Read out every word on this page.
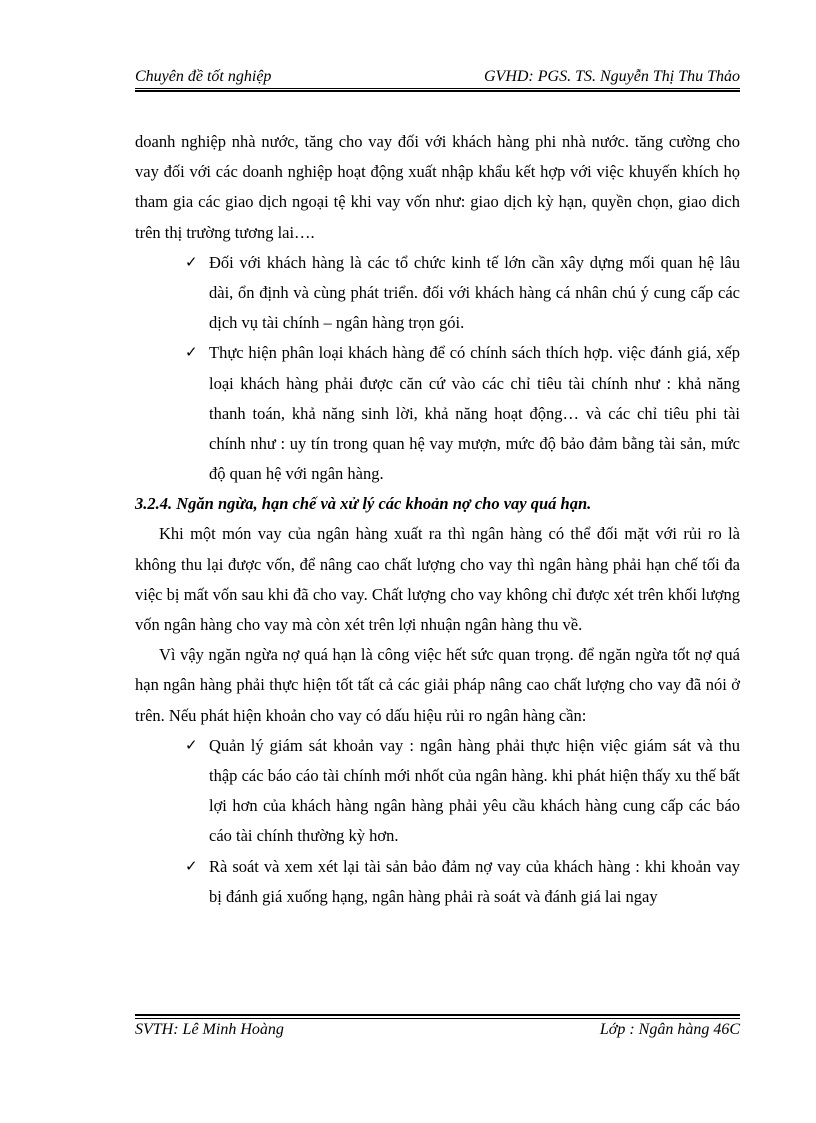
Chuyên đề tốt nghiệp	GVHD: PGS. TS. Nguyễn Thị Thu Thảo

doanh nghiệp nhà nước, tăng cho vay đối với khách hàng phi nhà nước. tăng cường cho vay đối với các doanh nghiệp hoạt động xuất nhập khẩu kết hợp với việc khuyến khích họ tham gia các giao dịch ngoại tệ khi vay vốn như: giao dịch kỳ hạn, quyền chọn, giao dich trên thị trường tương lai….

✓ Đối với khách hàng là các tổ chức kinh tế lớn cần xây dựng mối quan hệ lâu dài, ổn định và cùng phát triển. đối với khách hàng cá nhân chú ý cung cấp các dịch vụ tài chính – ngân hàng trọn gói.

✓ Thực hiện phân loại khách hàng để có chính sách thích hợp. việc đánh giá, xếp loại khách hàng phải được căn cứ vào các chỉ tiêu tài chính như : khả năng thanh toán, khả năng sinh lời, khả năng hoạt động… và các chỉ tiêu phi tài chính như : uy tín trong quan hệ vay mượn, mức độ bảo đảm bằng tài sản, mức độ quan hệ với ngân hàng.

3.2.4. Ngăn ngừa, hạn chế và xử lý các khoản nợ cho vay quá hạn.

Khi một món vay của ngân hàng xuất ra thì ngân hàng có thể đối mặt với rủi ro là không thu lại được vốn, để nâng cao chất lượng cho vay thì ngân hàng phải hạn chế tối đa việc bị mất vốn sau khi đã cho vay. Chất lượng cho vay không chỉ được xét trên khối lượng vốn ngân hàng cho vay mà còn xét trên lợi nhuận ngân hàng thu về.

Vì vậy ngăn ngừa nợ quá hạn là công việc hết sức quan trọng. để ngăn ngừa tốt nợ quá hạn ngân hàng phải thực hiện tốt tất cả các giải pháp nâng cao chất lượng cho vay đã nói ở trên. Nếu phát hiện khoản cho vay có dấu hiệu rủi ro ngân hàng cần:

✓ Quản lý giám sát khoản vay : ngân hàng phải thực hiện việc giám sát và thu thập các báo cáo tài chính mới nhốt của ngân hàng. khi phát hiện thấy xu thế bất lợi hơn của khách hàng ngân hàng phải yêu cầu khách hàng cung cấp các báo cáo tài chính thường kỳ hơn.

✓ Rà soát và xem xét lại tài sản bảo đảm nợ vay của khách hàng : khi khoản vay bị đánh giá xuống hạng, ngân hàng phải rà soát và đánh giá lai ngay

SVTH: Lê Minh Hoàng	Lớp : Ngân hàng 46C
